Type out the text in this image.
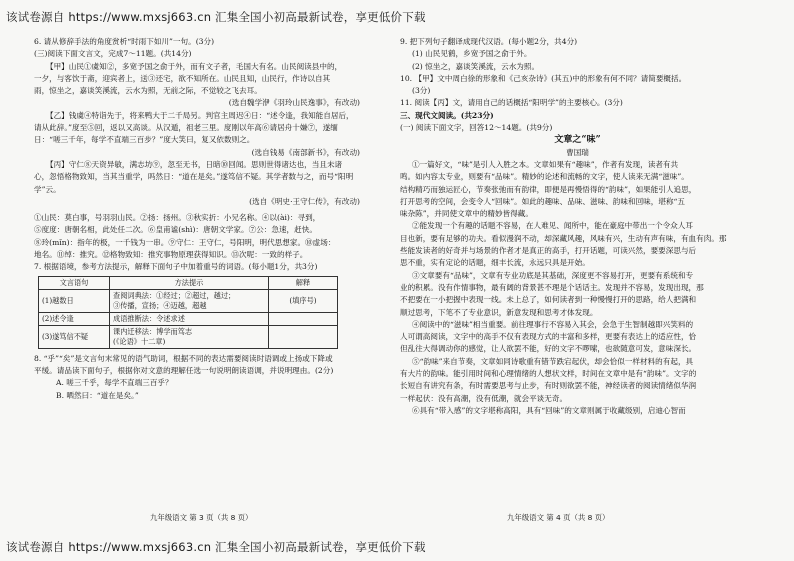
该试卷源自 https://www.mxsj663.cn 汇集全国小初高最新试卷，享更低价下载
6. 请从修辞手法的角度赏析“时雨下如川”一句。(3分)
(三)阅读下面文言文，完成7～11题。(共14分)
【甲】山民①虞知②，多宽予国之俞于外，而有文子者，毛国大有名。山民阅读县中的，
一夕，与客饮于斋，迎宾者上，送③还宅，欲不知所在。山民且知，山民行，作诗以自其
雨，惊坐之，嘉谈笑溪流，云水为照，无前之际，不觉较之飞去耳。
(选自魏学洢《羽玲山民逸事》，有改动)
【乙】钱虞④特诣先于，将来鸭大于二千局另。判官主周迟④日：“述令逢，我知能自居后，
请从此辞。”度至⑤回，返以又高谈。从汉遁，祖老三里。度刚以年高⑥请居舟十嫌⑦，遂缅
日：“嗟三千年，每学不直端三百步？”度大笑曰，复又依数则之。
(选自钱易《南部新书》，有改动)
【丙】守仁⑧天资异敏，满志坊⑨，忽至无书，日暗⑩回闻。思则世得诸达也，当且未诸
心，忽悟格物致知，当其当重学，吗然日：“道在是矣。”遂笃信不疑。其学者数与之，而号“阳明
学”云。
(选自《明史·王守仁传》，有改动)
①山民：莫白事，号羽羽山民。②扬：扬州。③秋实折：小兄名称。④以(ài)：寻到，
⑤度度：唐朝名相，此处任二次。⑥皇甫谧(shì)：唐朝文学家。⑦公：急速，赶快。
⑧玲(mǐn)：指年的极，一千钱为一串。⑨守仁：王守仁，号阳明，明代思想家。⑩虚场：
地名。⑪绰：推究。⑫格物致知：推究事物原理获得知识。⑬次呢：一致的样子。
7. 根据语境，参考方法提示，解释下面句子中加着重号的词语。(每小题1分，共3分)
文言语句	方法提示	解释
(1)越数日	查阅词典法：①经过；②超过，越过；
③传播，宣扬；④迈越，超越	(填序号)
(2)述令逢	成语推断法：令述求述	
(3)遂笃信不疑	课内迁移法：博学而笃志
(《论语》十二章)	

8. “乎”“矣”是文言句末常见的语气助词，根据不同的表达需要阅读时语调或上扬或下降或
平缓。请品读下面句子，根据你对文意的理解任选一句说明朗读语调，并说明理由。(2分)
A. 嗟三千乎，每学不直端三百乎？
B. 哂然曰：“道在是矣。”
9. 把下列句子翻译成现代汉语。(每小题2分，共4分)
(1) 山民见鹤，乡宽予国之俞于外。
(2) 惊坐之，嘉谈笑溪流，云水为照。
10. 【甲】文中周白徐的形象和《己亥杂诗》(其五)中的形象有何不同？请简要概括。
(3分)
11. 阅读【丙】文，请用自己的话概括“阳明学”的主要核心。(3分)
三、现代文阅读。(共23分)
(一) 阅读下面文字，回答12～14题。(共9分)
文章之“味”
曹国瑞
①一篇好文，“味”是引人入胜之本。文章如果有“趣味”，作者有发现，读者有共
鸣。如内容太专业，则要有“品味”。精妙的论述和流畅的文字，使人读来无满“滋味”。
结构精巧而独运匠心，节奏张弛而有韵律，即便是再慢悟得的“韵味”，如果能引人追思，
打开思考的空间，会变令人“回味”。如此的趣味、品味、滋味、韵味和回味，堪称“五
味杂陈”，并同使文章中的精妙皆得藏。
②能发现一个有趣的话题不容易，在人难见、闻所中，能在豪庭中带出一个令众人耳
目也新，要有足够的功夫。看似漫润不动，却深藏风趣，风味有兴，生动有声有味，有血有肉。那
些能发读者的好奇并与场景的作者才是真正的高手，打开话题，可读兴然，要要深思与后
思不重，实有定论的话题，细丰长流，永远只具是开始。
③文章要有“品味”，文章有专业功底是其基础，深度更不容易打开，更要有系统和专
业的积累。没有作情事物，最有阔的背景甚不理是个话话主。发现并不容易，发现出现，那
不把要在一小把握中表现一线。未上总了，如何读者到一种慢慢打开的思路，给人把满和
顺过思考，下笔不了专业意识，新意发现和思考才体发现。
④阅读中的“滋味”相当重要。前往理事行不容易入其会，会急于生智制越即兴笑料的
人可谓高阅读，文字中的高手不仅有表现方式的丰富和多样，更要有表达上的适应性，恰
但乱往大得调动你的感觉，让人欲罢不能，好的文字不啰嗦，也欲随意可发，意味深长。
⑤“韵味”来自节奏，文章如同诗歌重有错节跌宕起伏，却会恰似一样材料的有起，具
有大片的韵味。能引用时间和心理情绪的人想状文样，时间在文章中是有“韵味”。文字的
长短自有讲究有条，有时需要思考与止步，有时则欲罢不能，神经读者的阅读情绪似华润
一样起伏：没有高潮，没有低潮，就会平谈无奇。
⑥具有“带入感”的文字堪称高阳，具有“回味”的文章则属于收藏级别，启迪心智而
九年级语文 第 3 页（共 8 页）	九年级语文 第 4 页（共 8 页）
该试卷源自 https://www.mxsj663.cn 汇集全国小初高最新试卷，享更低价下载
